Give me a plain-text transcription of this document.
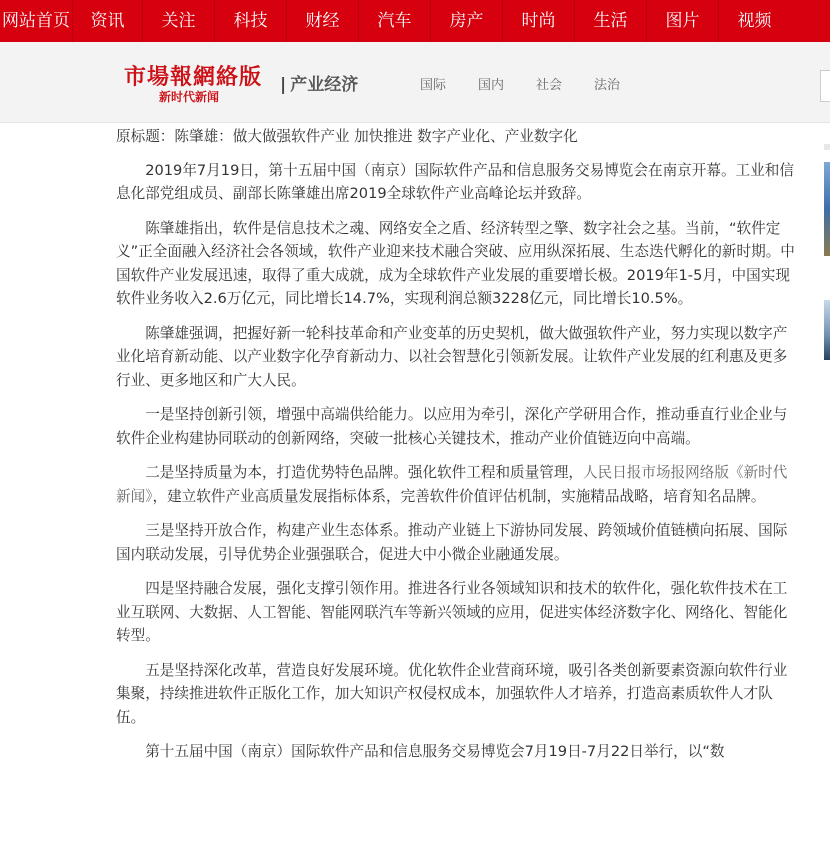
网站首页	资讯	关注	科技	财经	汽车	房产	时尚	生活	图片	视频
市場報網絡版
新时代新闻
| 产业经济	国际 国内 社会 法治

原标题：陈肇雄：做大做强软件产业 加快推进 数字产业化、产业数字化

2019年7月19日，第十五届中国（南京）国际软件产品和信息服务交易博览会在南京开幕。工业和信息化部党组成员、副部长陈肇雄出席2019全球软件产业高峰论坛并致辞。

陈肇雄指出，软件是信息技术之魂、网络安全之盾、经济转型之擎、数字社会之基。当前，“软件定义”正全面融入经济社会各领域，软件产业迎来技术融合突破、应用纵深拓展、生态迭代孵化的新时期。中国软件产业发展迅速，取得了重大成就，成为全球软件产业发展的重要增长极。2019年1-5月，中国实现软件业务收入2.6万亿元，同比增长14.7%，实现利润总额3228亿元，同比增长10.5%。

陈肇雄强调，把握好新一轮科技革命和产业变革的历史契机，做大做强软件产业，努力实现以数字产业化培育新动能、以产业数字化孕育新动力、以社会智慧化引领新发展。让软件产业发展的红利惠及更多行业、更多地区和广大人民。

一是坚持创新引领，增强中高端供给能力。以应用为牵引，深化产学研用合作，推动垂直行业企业与软件企业构建协同联动的创新网络，突破一批核心关键技术，推动产业价值链迈向中高端。

二是坚持质量为本，打造优势特色品牌。强化软件工程和质量管理，人民日报市场报网络版《新时代新闻》，建立软件产业高质量发展指标体系，完善软件价值评估机制，实施精品战略，培育知名品牌。

三是坚持开放合作，构建产业生态体系。推动产业链上下游协同发展、跨领域价值链横向拓展、国际国内联动发展，引导优势企业强强联合，促进大中小微企业融通发展。

四是坚持融合发展，强化支撑引领作用。推进各行业各领域知识和技术的软件化，强化软件技术在工业互联网、大数据、人工智能、智能网联汽车等新兴领域的应用，促进实体经济数字化、网络化、智能化转型。

五是坚持深化改革，营造良好发展环境。优化软件企业营商环境，吸引各类创新要素资源向软件行业集聚，持续推进软件正版化工作，加大知识产权侵权成本，加强软件人才培养，打造高素质软件人才队伍。

第十五届中国（南京）国际软件产品和信息服务交易博览会7月19日-7月22日举行，以“数
